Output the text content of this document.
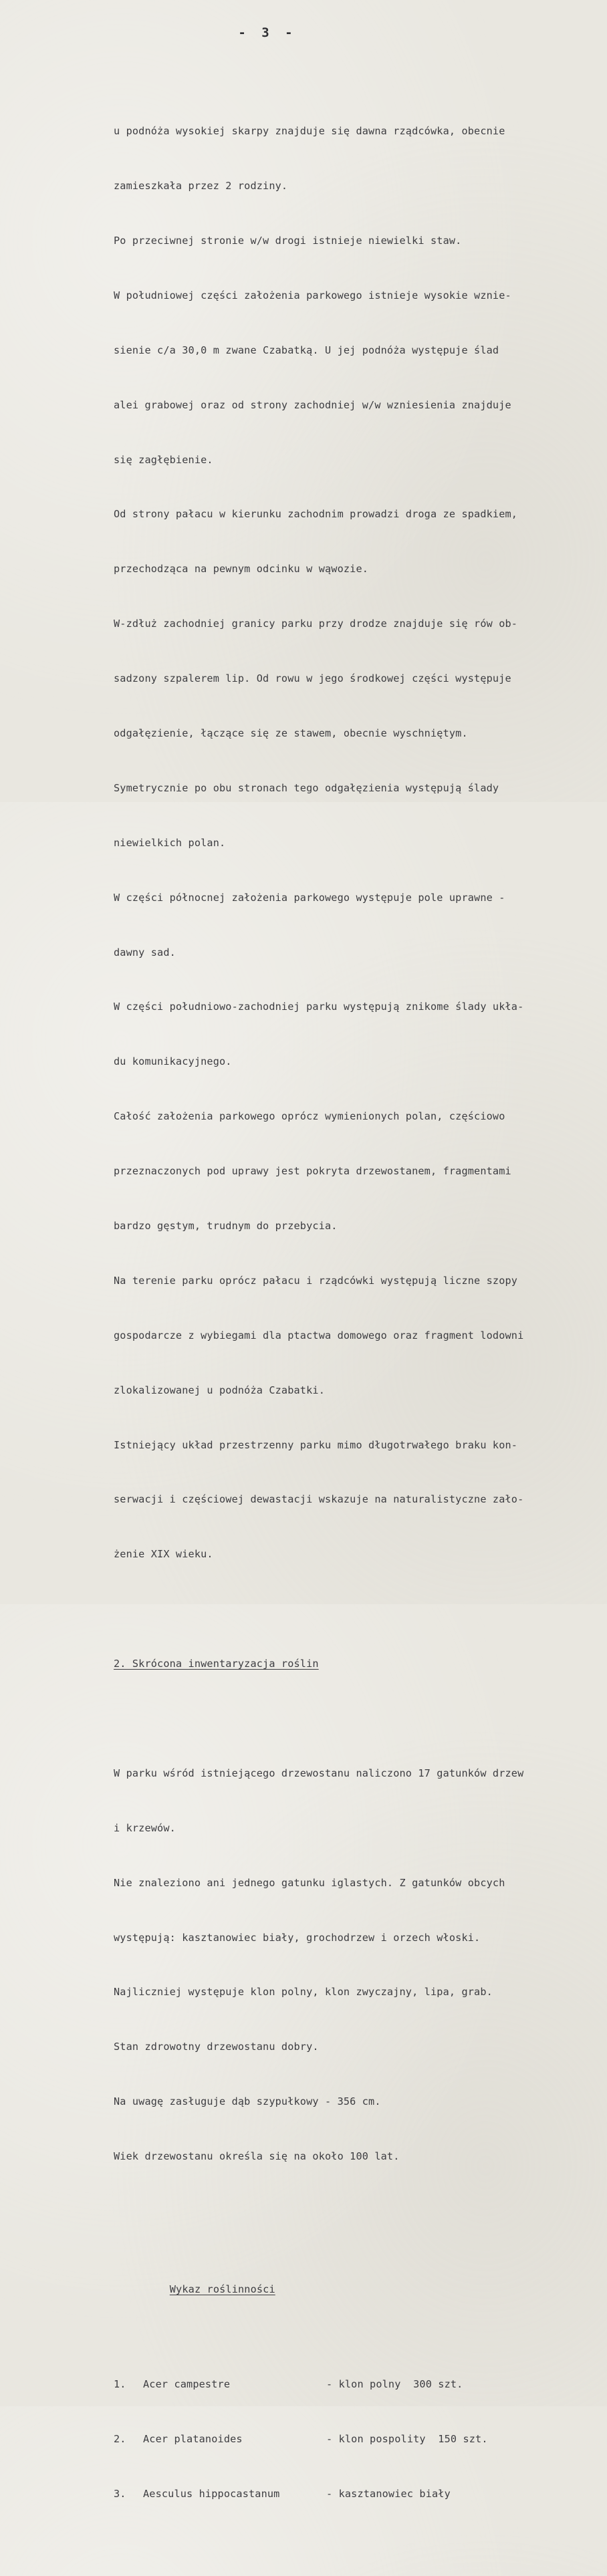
- 3 -

u podnóża wysokiej skarpy znajduje się dawna rządcówka, obecnie

zamieszkała przez 2 rodziny.

Po przeciwnej stronie w/w drogi istnieje niewielki staw.

W południowej części założenia parkowego istnieje wysokie wznie-

sienie c/a 30,0 m zwane Czabatką. U jej podnóża występuje ślad

alei grabowej oraz od strony zachodniej w/w wzniesienia znajduje

się zagłębienie.

Od strony pałacu w kierunku zachodnim prowadzi droga ze spadkiem,

przechodząca na pewnym odcinku w wąwozie.

W-zdłuż zachodniej granicy parku przy drodze znajduje się rów ob-

sadzony szpalerem lip. Od rowu w jego środkowej części występuje

odgałęzienie, łączące się ze stawem, obecnie wyschniętym.

Symetrycznie po obu stronach tego odgałęzienia występują ślady

niewielkich polan.

W części północnej założenia parkowego występuje pole uprawne -

dawny sad.

W części południowo-zachodniej parku występują znikome ślady ukła-

du komunikacyjnego.

Całość założenia parkowego oprócz wymienionych polan, częściowo

przeznaczonych pod uprawy jest pokryta drzewostanem, fragmentami

bardzo gęstym, trudnym do przebycia.

Na terenie parku oprócz pałacu i rządcówki występują liczne szopy

gospodarcze z wybiegami dla ptactwa domowego oraz fragment lodowni

zlokalizowanej u podnóża Czabatki.

Istniejący układ przestrzenny parku mimo długotrwałego braku kon-

serwacji i częściowej dewastacji wskazuje na naturalistyczne zało-

żenie XIX wieku.

2. Skrócona inwentaryzacja roślin

W parku wśród istniejącego drzewostanu naliczono 17 gatunków drzew

i krzewów.

Nie znaleziono ani jednego gatunku iglastych. Z gatunków obcych

występują: kasztanowiec biały, grochodrzew i orzech włoski.

Najliczniej występuje klon polny, klon zwyczajny, lipa, grab.

Stan zdrowotny drzewostanu dobry.

Na uwagę zasługuje dąb szypułkowy - 356 cm.

Wiek drzewostanu określa się na około 100 lat.

Wykaz roślinności

1.	Acer campestre	- klon polny  300 szt.

2.	Acer platanoides	- klon pospolity  150 szt.

3.	Aesculus hippocastanum	- kasztanowiec biały
